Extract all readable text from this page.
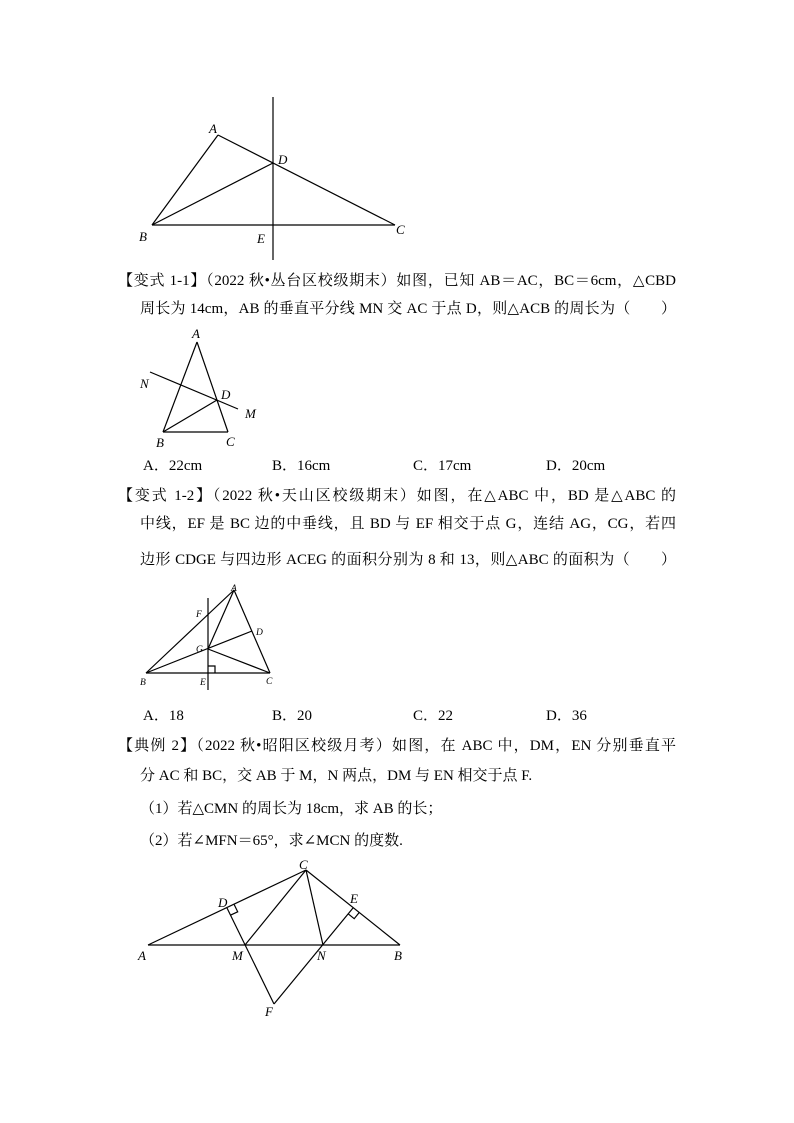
A
D
B	E
C
【变式 1-1】（2022 秋•丛台区校级期末）如图，已知 AB＝AC，BC＝6cm，△CBD
周长为 14cm，AB 的垂直平分线 MN 交 AC 于点 D，则△ACB 的周长为（　　）
A
N
D
M
B	C
A．22cm	B．16cm	C．17cm	D．20cm
【变式 1-2】（2022 秋•天山区校级期末）如图，在△ABC 中，BD 是△ABC 的
中线，EF 是 BC 边的中垂线，且 BD 与 EF 相交于点 G，连结 AG，CG，若四
边形 CDGE 与四边形 ACEG 的面积分别为 8 和 13，则△ABC 的面积为（　　）
F
A
D
G
B	E	C
A．18	B．20	C．22	D．36
【典例 2】（2022 秋•昭阳区校级月考）如图，在 ABC 中，DM，EN 分别垂直平
分 AC 和 BC，交 AB 于 M，N 两点，DM 与 EN 相交于点 F.
（1）若△CMN 的周长为 18cm，求 AB 的长；
（2）若∠MFN＝65°，求∠MCN 的度数.
C
D	E
A	M	N	B
F
